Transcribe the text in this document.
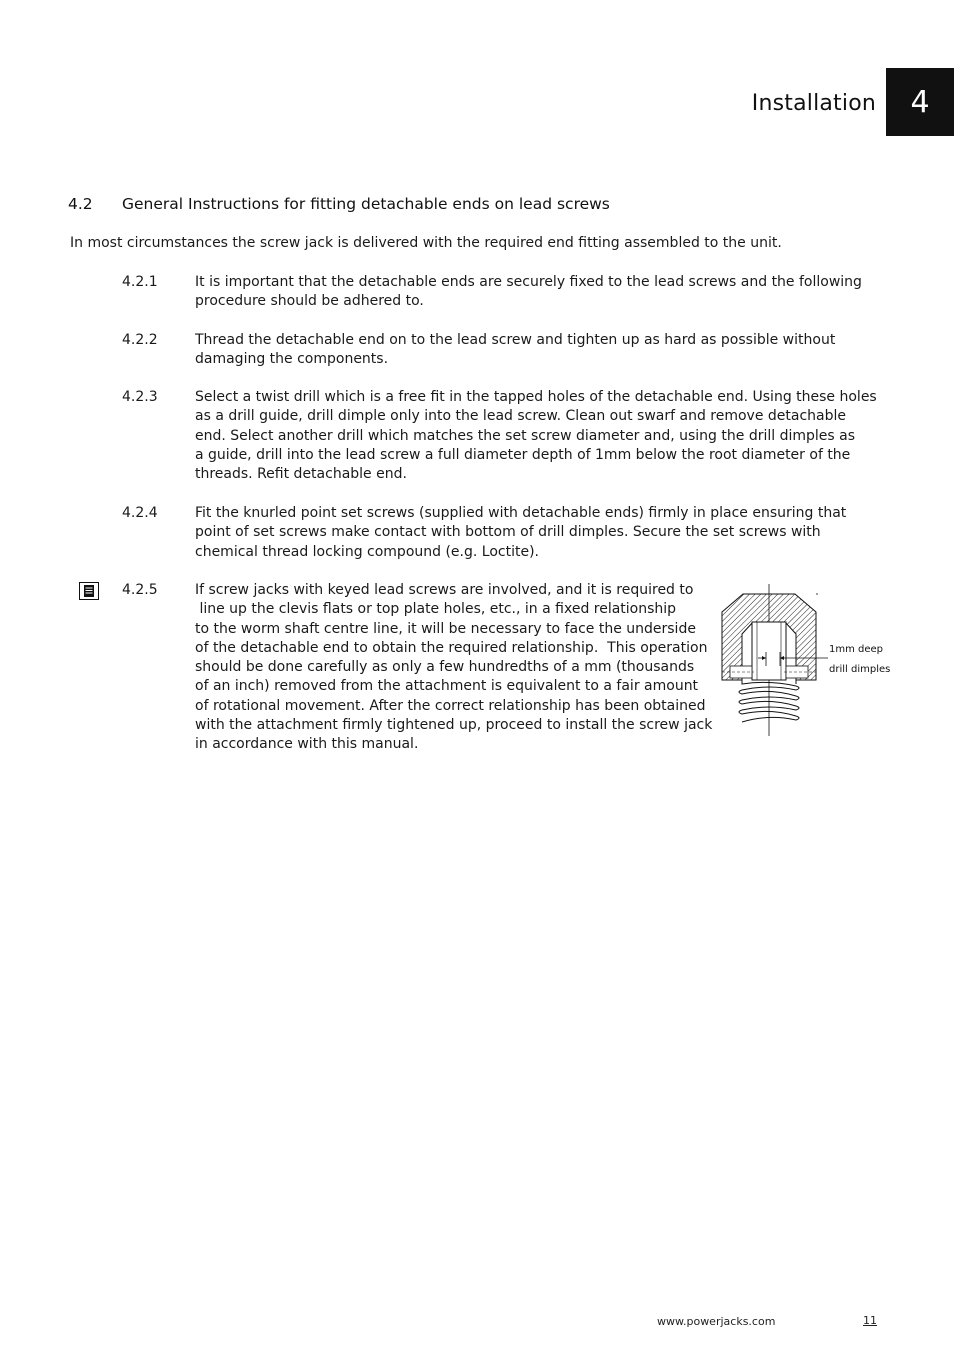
Installation	4
4.2 General Instructions for fitting detachable ends on lead screws
In most circumstances the screw jack is delivered with the required end fitting assembled to the unit.
4.2.1	It is important that the detachable ends are securely fixed to the lead screws and the following
procedure should be adhered to.
4.2.2	Thread the detachable end on to the lead screw and tighten up as hard as possible without
damaging the components.
4.2.3	Select a twist drill which is a free fit in the tapped holes of the detachable end. Using these holes
as a drill guide, drill dimple only into the lead screw. Clean out swarf and remove detachable
end. Select another drill which matches the set screw diameter and, using the drill dimples as
a guide, drill into the lead screw a full diameter depth of 1mm below the root diameter of the
threads. Refit detachable end.
4.2.4	Fit the knurled point set screws (supplied with detachable ends) firmly in place ensuring that
point of set screws make contact with bottom of drill dimples. Secure the set screws with
chemical thread locking compound (e.g. Loctite).
4.2.5	If screw jacks with keyed lead screws are involved, and it is required to
line up the clevis flats or top plate holes, etc., in a fixed relationship
to the worm shaft centre line, it will be necessary to face the underside
of the detachable end to obtain the required relationship.  This operation
should be done carefully as only a few hundredths of a mm (thousands
of an inch) removed from the attachment is equivalent to a fair amount
of rotational movement. After the correct relationship has been obtained
with the attachment firmly tightened up, proceed to install the screw jack
in accordance with this manual.
1mm deep
drill dimples
www.powerjacks.com	11
